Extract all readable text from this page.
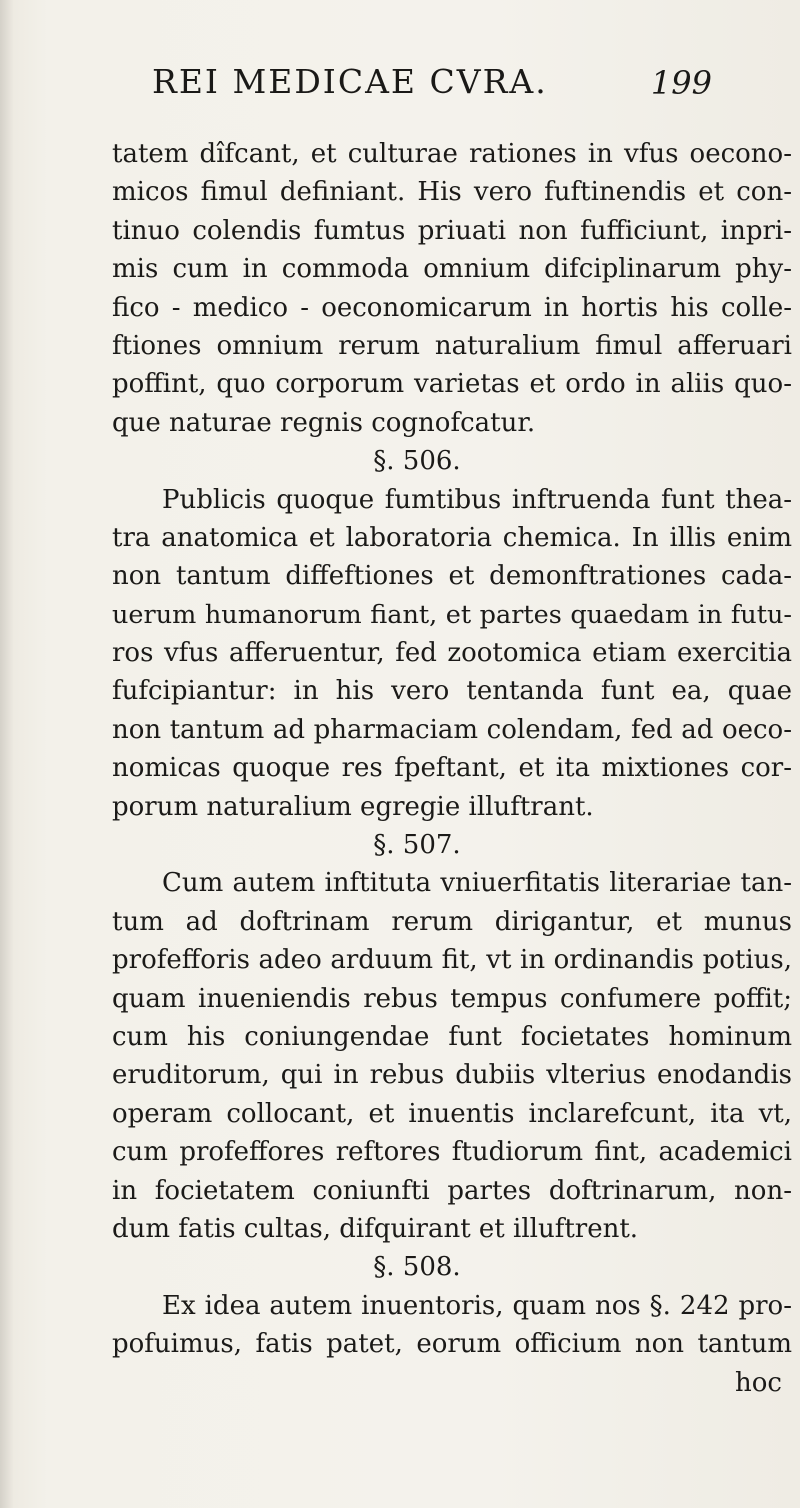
REI MEDICAE CVRA.	199
tatem dîfcant, et culturae rationes in vfus oecono-
micos fimul definiant. His vero fuftinendis et con-
tinuo colendis fumtus priuati non fufficiunt, inpri-
mis cum in commoda omnium difciplinarum phy-
fico - medico - oeconomicarum in hortis his colle-
ftiones omnium rerum naturalium fimul afferuari
poffint, quo corporum varietas et ordo in aliis quo-
que naturae regnis cognofcatur.
§. 506.
Publicis quoque fumtibus inftruenda funt thea-
tra anatomica et laboratoria chemica. In illis enim
non tantum diffeftiones et demonftrationes cada-
uerum humanorum fiant, et partes quaedam in futu-
ros vfus afferuentur, fed zootomica etiam exercitia
fufcipiantur: in his vero tentanda funt ea, quae
non tantum ad pharmaciam colendam, fed ad oeco-
nomicas quoque res fpeftant, et ita mixtiones cor-
porum naturalium egregie illuftrant.
§. 507.
Cum autem inftituta vniuerfitatis literariae tan-
tum ad doftrinam rerum dirigantur, et munus
profefforis adeo arduum fit, vt in ordinandis potius,
quam inueniendis rebus tempus confumere poffit;
cum his coniungendae funt focietates hominum
eruditorum, qui in rebus dubiis vlterius enodandis
operam collocant, et inuentis inclarefcunt, ita vt,
cum profeffores reftores ftudiorum fint, academici
in focietatem coniunfti partes doftrinarum, non-
dum fatis cultas, difquirant et illuftrent.
§. 508.
Ex idea autem inuentoris, quam nos §. 242 pro-
pofuimus, fatis patet, eorum officium non tantum
hoc
